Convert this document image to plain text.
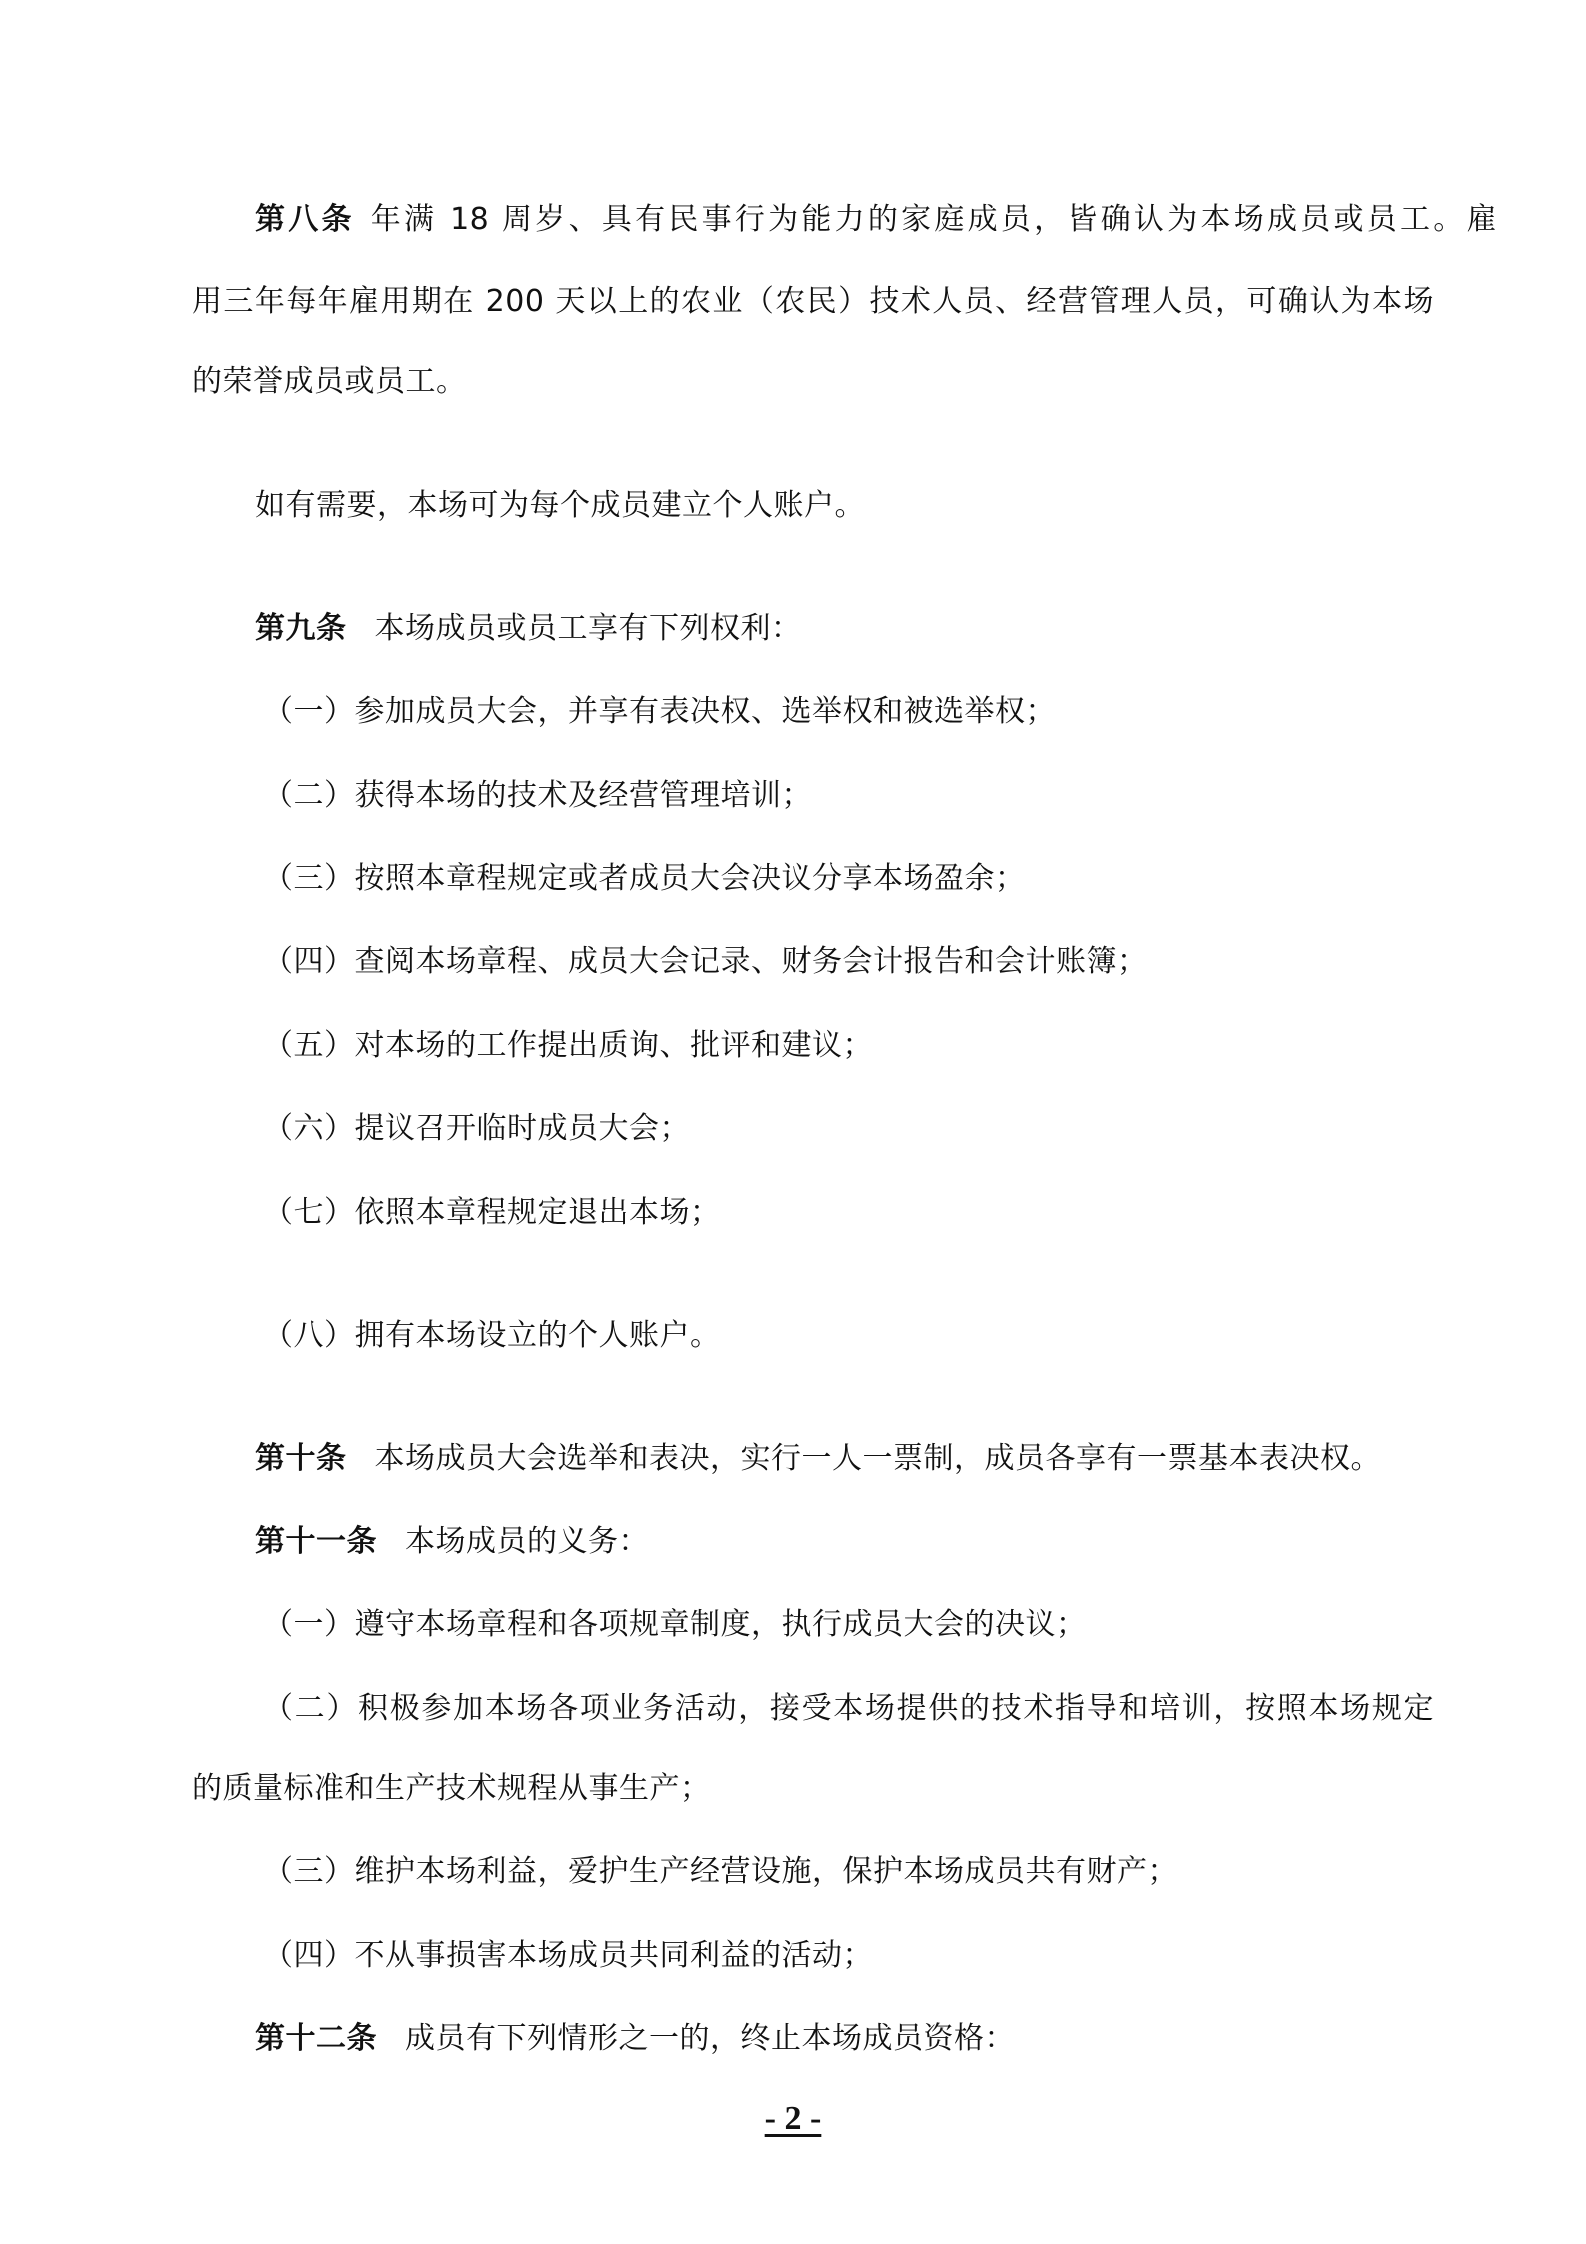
第八条 年满 18 周岁、具有民事行为能力的家庭成员，皆确认为本场成员或员工。雇
用三年每年雇用期在 200 天以上的农业（农民）技术人员、经营管理人员，可确认为本场
的荣誉成员或员工。
如有需要，本场可为每个成员建立个人账户。
第九条 本场成员或员工享有下列权利：
（一）参加成员大会，并享有表决权、选举权和被选举权；
（二）获得本场的技术及经营管理培训；
（三）按照本章程规定或者成员大会决议分享本场盈余；
（四）查阅本场章程、成员大会记录、财务会计报告和会计账簿；
（五）对本场的工作提出质询、批评和建议；
（六）提议召开临时成员大会；
（七）依照本章程规定退出本场；
（八）拥有本场设立的个人账户。
第十条 本场成员大会选举和表决，实行一人一票制，成员各享有一票基本表决权。
第十一条 本场成员的义务：
（一）遵守本场章程和各项规章制度，执行成员大会的决议；
（二）积极参加本场各项业务活动，接受本场提供的技术指导和培训，按照本场规定
的质量标准和生产技术规程从事生产；
（三）维护本场利益，爱护生产经营设施，保护本场成员共有财产；
（四）不从事损害本场成员共同利益的活动；
第十二条 成员有下列情形之一的，终止本场成员资格：
- 2 -
